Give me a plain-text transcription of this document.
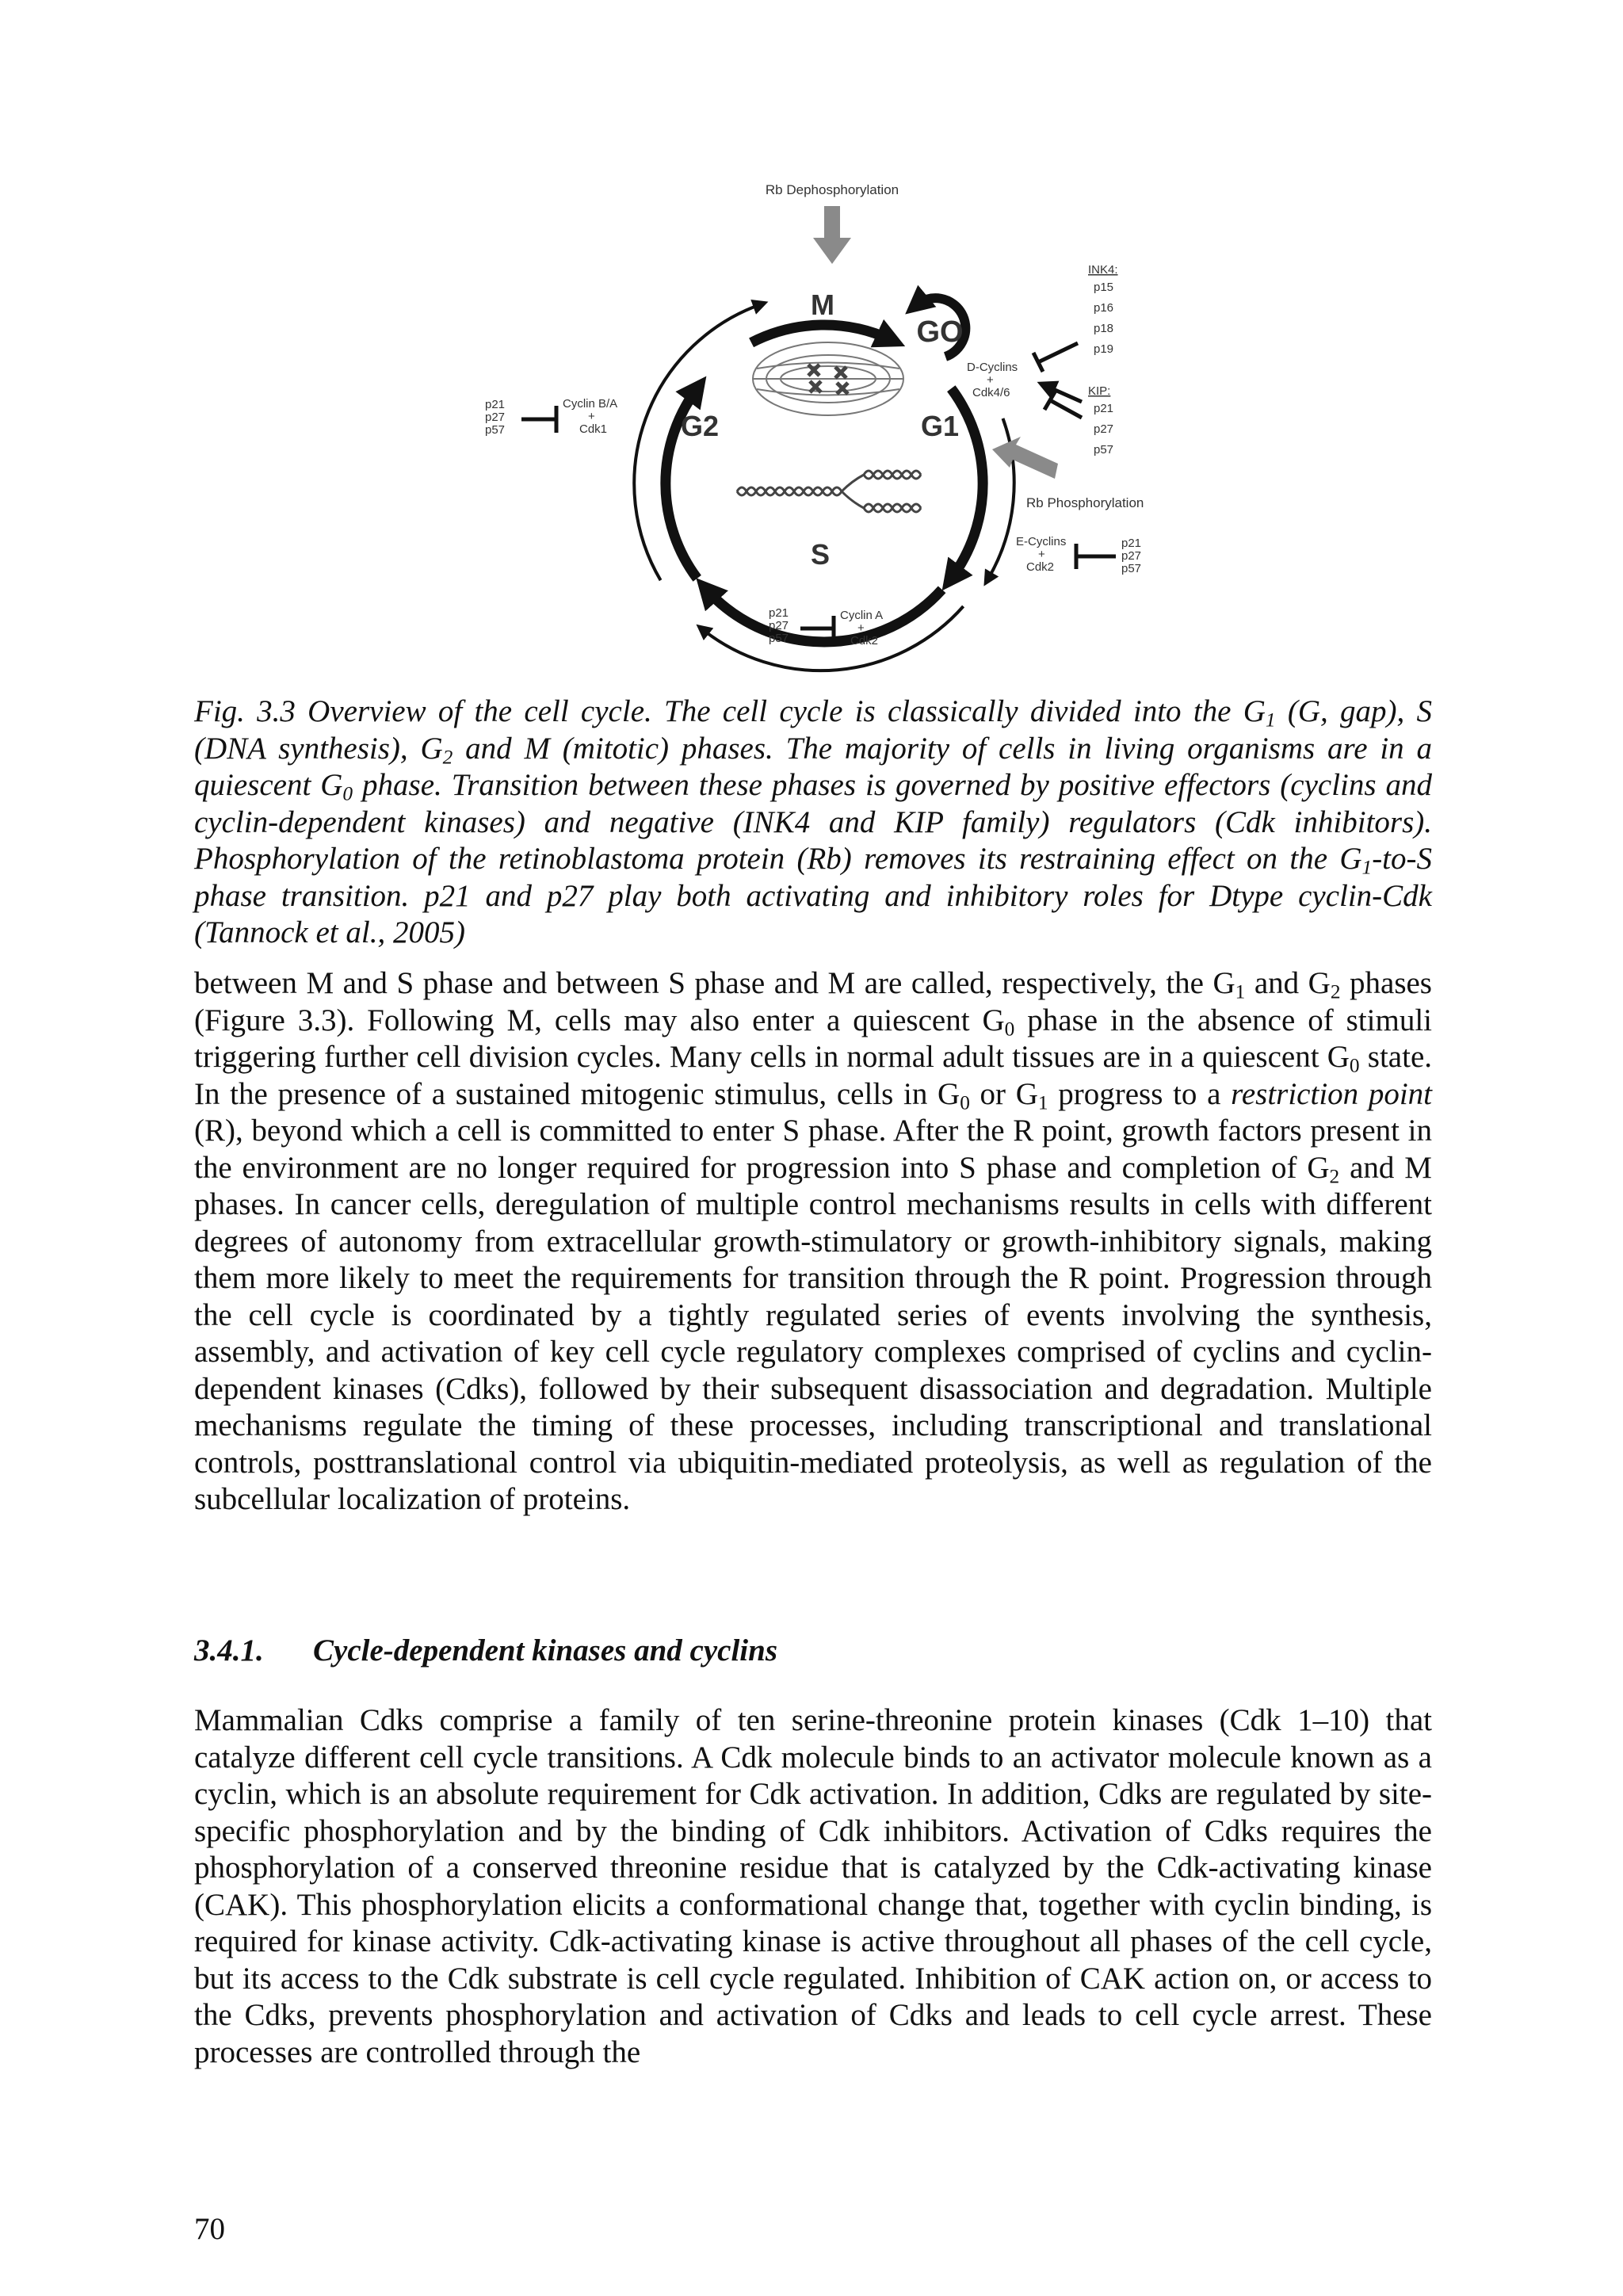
Rb Dephosphorylation
GO
M
G2	G1
S
p21
p27
p57
Cyclin B/A
+
Cdk1
p21
p27
p57
Cyclin A
+
Cdk2
D-Cyclins
+
Cdk4/6
INK4:
p15
p16
p18
p19
KIP:
p21
p27
p57
Rb Phosphorylation
E-Cyclins
+
Cdk2
p21
p27
p57

Fig. 3.3 Overview of the cell cycle. The cell cycle is classically divided into the $G_1$ (G, gap), S (DNA synthesis), $G_2$ and M (mitotic) phases. The majority of cells in living organisms are in a quiescent $G_0$ phase. Transition between these phases is governed by positive effectors (cyclins and cyclin-dependent kinases) and negative (INK4 and KIP family) regulators (Cdk inhibitors). Phosphorylation of the retinoblastoma protein (Rb) removes its restraining effect on the $G_1-to-S$ phase transition. p21 and p27 play both activating and inhibitory roles for Dtype cyclin-Cdk (Tannock et al., 2005)

between M and S phase and between S phase and M are called, respectively, the $G_1$ and $G_2$ phases (Figure 3.3). Following M, cells may also enter a quiescent $G_0$ phase in the absence of stimuli triggering further cell division cycles. Many cells in normal adult tissues are in a quiescent $G_0$ state. In the presence of a sustained mitogenic stimulus, cells in $G_0$ or $G_1$ progress to a restriction point (R), beyond which a cell is committed to enter S phase. After the R point, growth factors present in the environment are no longer required for progression into S phase and completion of $G_2$ and M phases. In cancer cells, deregulation of multiple control mechanisms results in cells with different degrees of autonomy from extracellular growth-stimulatory or growth-inhibitory signals, making them more likely to meet the requirements for transition through the R point. Progression through the cell cycle is coordinated by a tightly regulated series of events involving the synthesis, assembly, and activation of key cell cycle regulatory complexes comprised of cyclins and cyclin-dependent kinases (Cdks), followed by their subsequent disassociation and degradation. Multiple mechanisms regulate the timing of these processes, including transcriptional and translational controls, posttranslational control via ubiquitin-mediated proteolysis, as well as regulation of the subcellular localization of proteins.

3.4.1. Cycle-dependent kinases and cyclins

Mammalian Cdks comprise a family of ten serine-threonine protein kinases (Cdk 1–10) that catalyze different cell cycle transitions. A Cdk molecule binds to an activator molecule known as a cyclin, which is an absolute requirement for Cdk activation. In addition, Cdks are regulated by site-specific phosphorylation and by the binding of Cdk inhibitors. Activation of Cdks requires the phosphorylation of a conserved threonine residue that is catalyzed by the Cdk-activating kinase (CAK). This phosphorylation elicits a conformational change that, together with cyclin binding, is required for kinase activity. Cdk-activating kinase is active throughout all phases of the cell cycle, but its access to the Cdk substrate is cell cycle regulated. Inhibition of CAK action on, or access to the Cdks, prevents phosphorylation and activation of Cdks and leads to cell cycle arrest. These processes are controlled through the

70
